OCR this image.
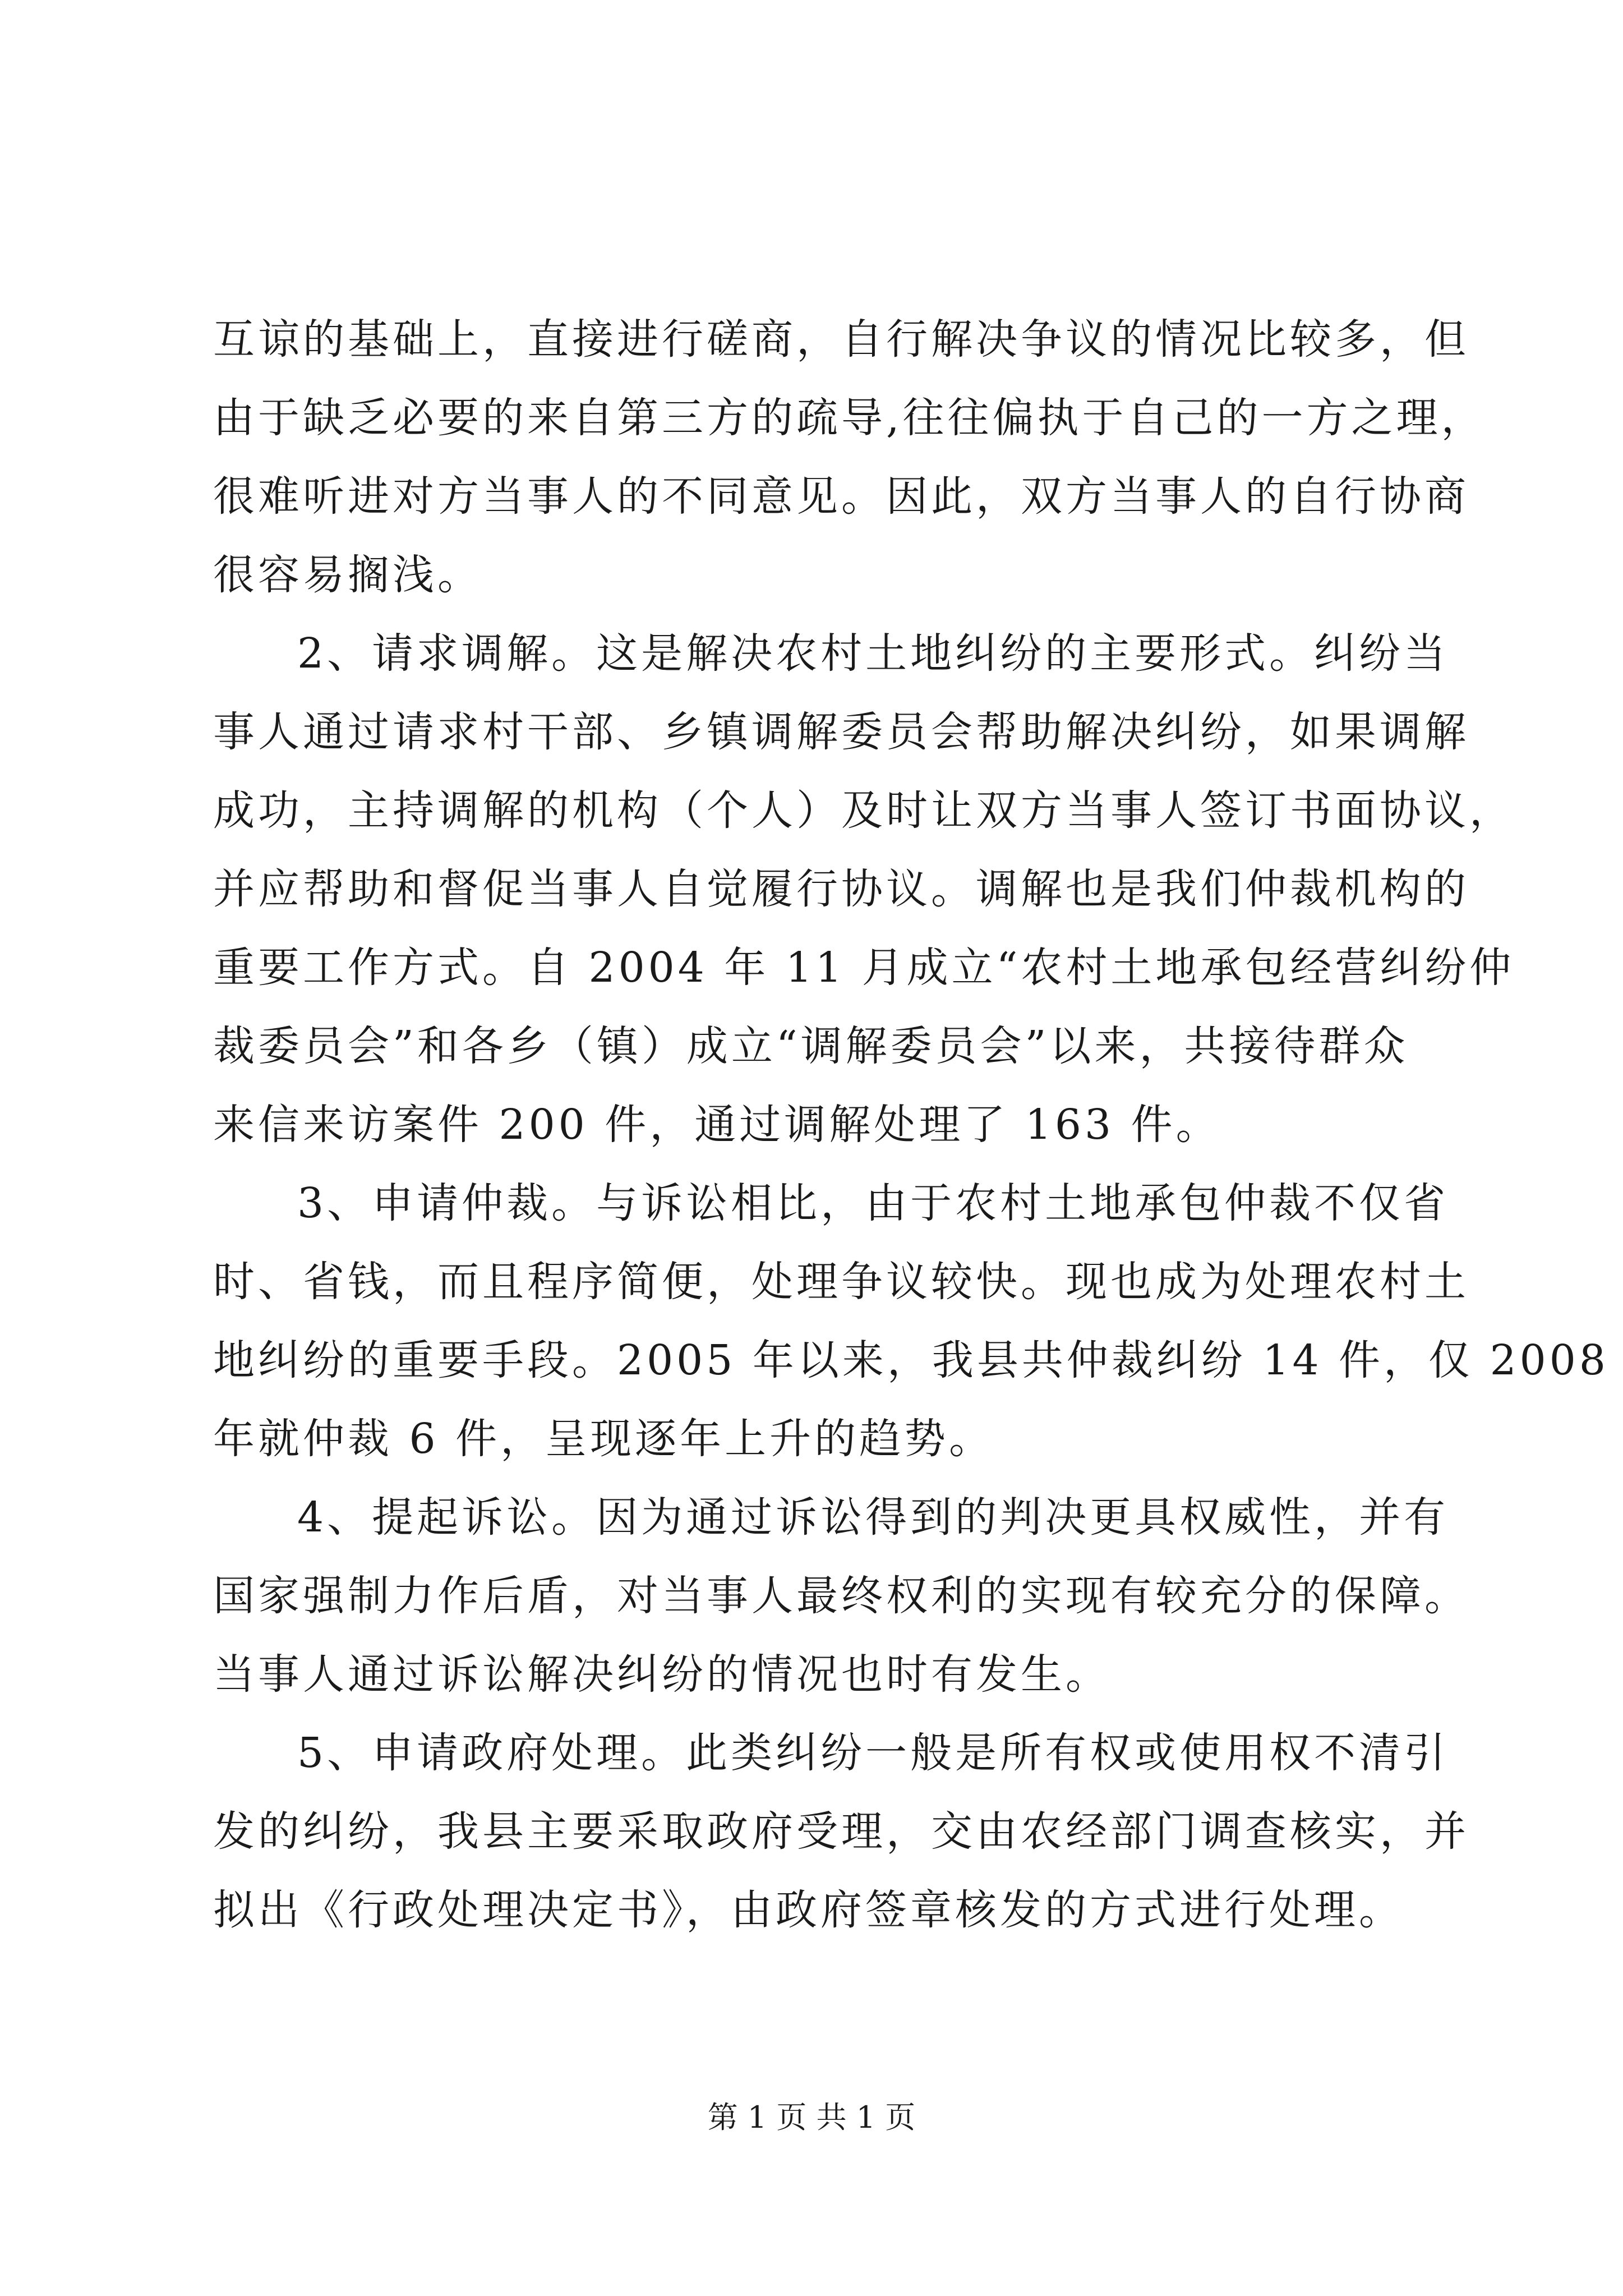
互谅的基础上，直接进行磋商，自行解决争议的情况比较多，但
由于缺乏必要的来自第三方的疏导,往往偏执于自己的一方之理，
很难听进对方当事人的不同意见。因此，双方当事人的自行协商
很容易搁浅。
2、请求调解。这是解决农村土地纠纷的主要形式。纠纷当
事人通过请求村干部、乡镇调解委员会帮助解决纠纷，如果调解
成功，主持调解的机构（个人）及时让双方当事人签订书面协议，
并应帮助和督促当事人自觉履行协议。调解也是我们仲裁机构的
重要工作方式。自 2004 年 11 月成立“农村土地承包经营纠纷仲
裁委员会”和各乡（镇）成立“调解委员会”以来，共接待群众
来信来访案件 200 件，通过调解处理了 163 件。
3、申请仲裁。与诉讼相比，由于农村土地承包仲裁不仅省
时、省钱，而且程序简便，处理争议较快。现也成为处理农村土
地纠纷的重要手段。2005 年以来，我县共仲裁纠纷 14 件，仅 2008
年就仲裁 6 件，呈现逐年上升的趋势。
4、提起诉讼。因为通过诉讼得到的判决更具权威性，并有
国家强制力作后盾，对当事人最终权利的实现有较充分的保障。
当事人通过诉讼解决纠纷的情况也时有发生。
5、申请政府处理。此类纠纷一般是所有权或使用权不清引
发的纠纷，我县主要采取政府受理，交由农经部门调查核实，并
拟出《行政处理决定书》，由政府签章核发的方式进行处理。
第 1 页 共 1 页
